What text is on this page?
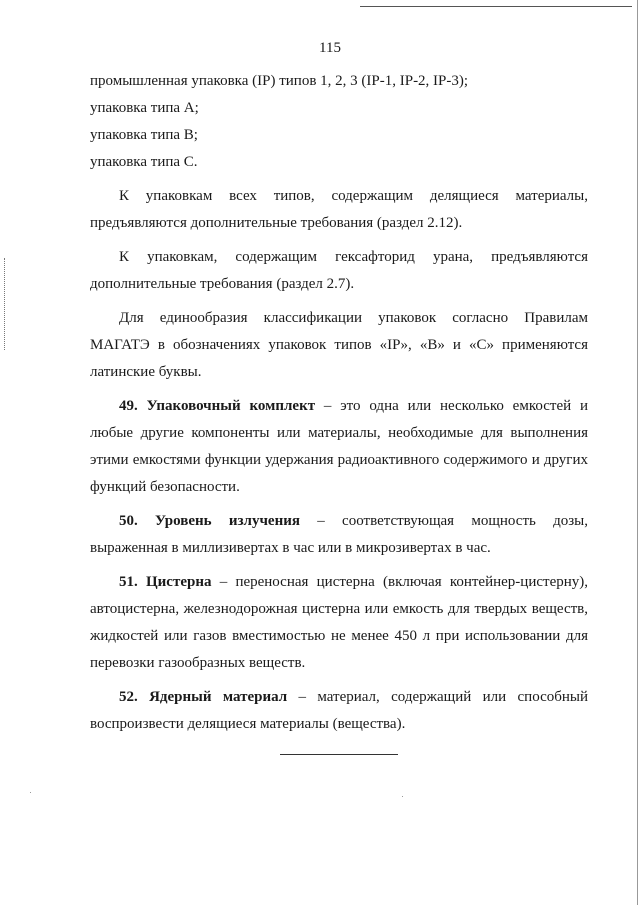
115

промышленная упаковка (IP) типов 1, 2, 3 (IP-1, IP-2, IP-3);

упаковка типа А;

упаковка типа В;

упаковка типа С.

К упаковкам всех типов, содержащим делящиеся материалы, предъявляются дополнительные требования (раздел 2.12).

К упаковкам, содержащим гексафторид урана, предъявляются дополнительные требования (раздел 2.7).

Для единообразия классификации упаковок согласно Правилам МАГАТЭ в обозначениях упаковок типов «IP», «В» и «С» применяются латинские буквы.

49. Упаковочный комплект – это одна или несколько емкостей и любые другие компоненты или материалы, необходимые для выполнения этими емкостями функции удержания радиоактивного содержимого и других функций безопасности.

50. Уровень излучения – соответствующая мощность дозы, выраженная в миллизивертах в час или в микрозивертах в час.

51. Цистерна – переносная цистерна (включая контейнер-цистерну), автоцистерна, железнодорожная цистерна или емкость для твердых веществ, жидкостей или газов вместимостью не менее 450 л при использовании для перевозки газообразных веществ.

52. Ядерный материал – материал, содержащий или способный воспроизвести делящиеся материалы (вещества).
